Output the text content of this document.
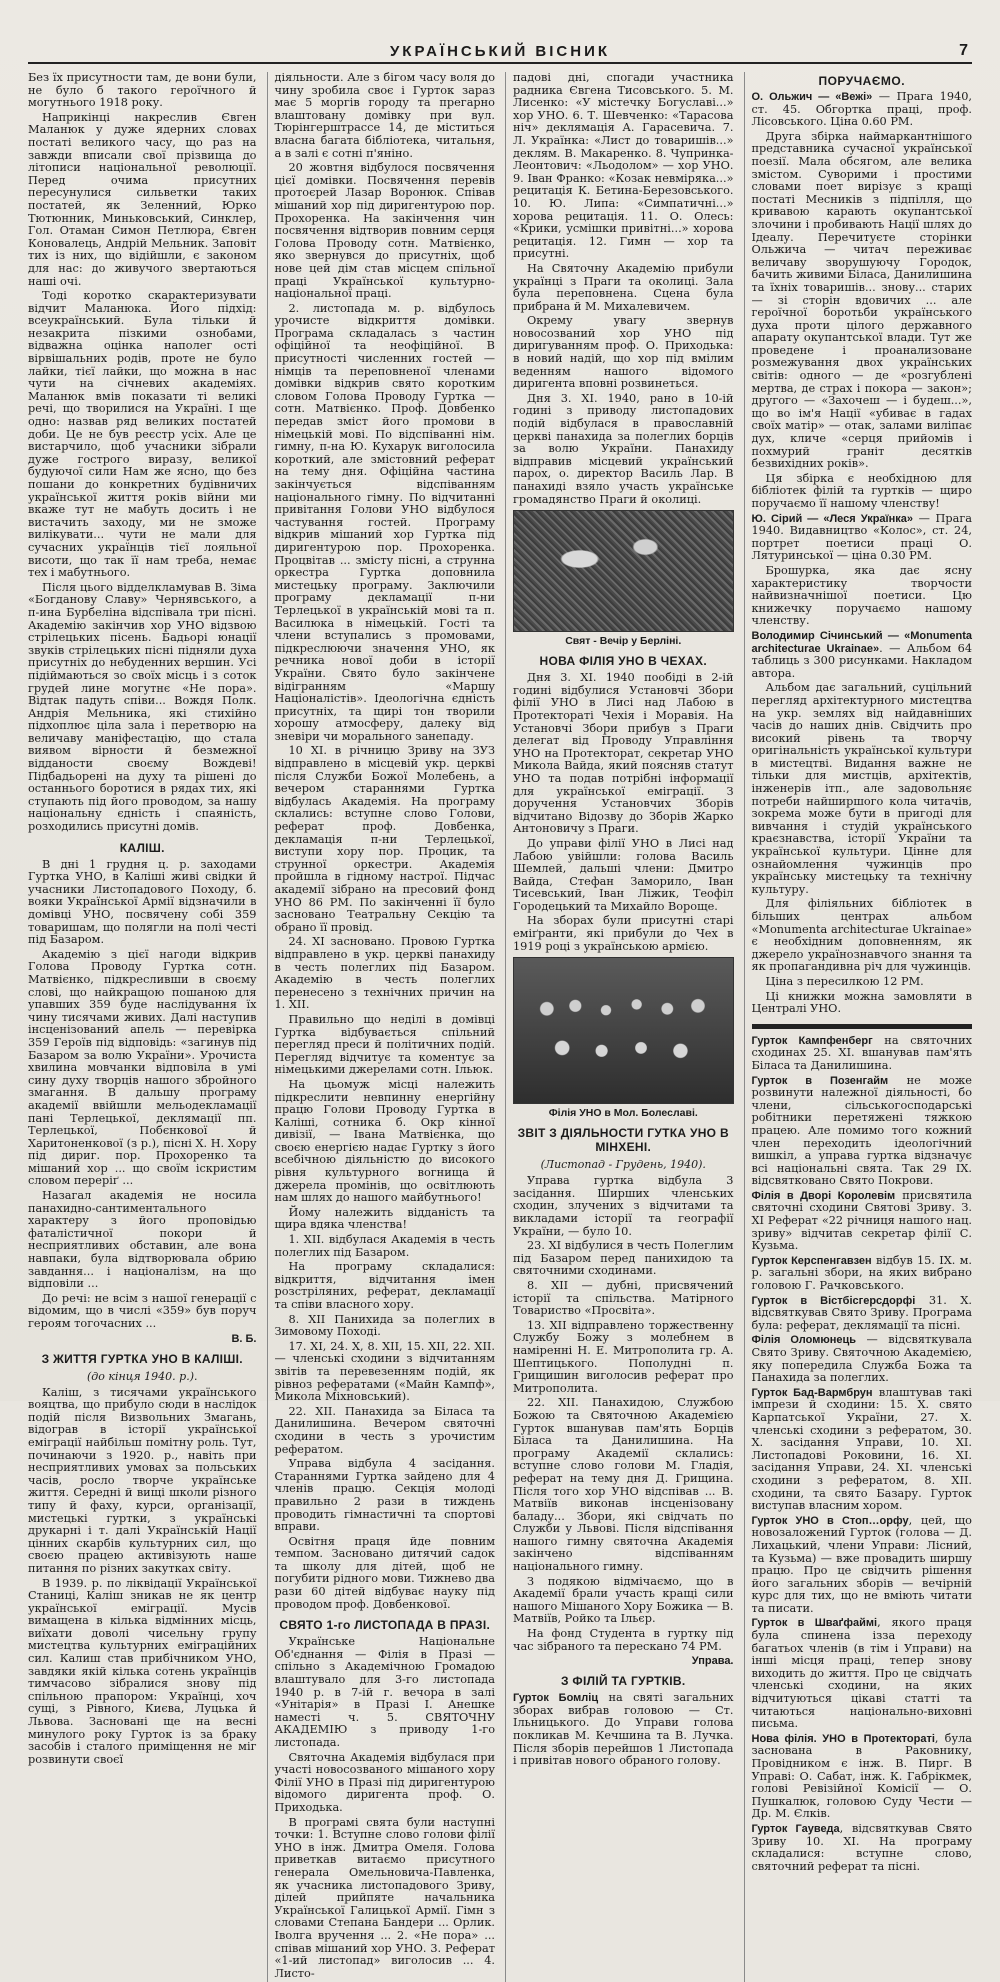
УКРАЇНСЬКИЙ ВІСНИК	7

Без їх присутности там, де вони були, не було б такого героїчного й могутнього 1918 року.

Наприкінці накреслив Євген Маланюк у дуже ядерних словах постаті великого часу, що раз на завжди вписали свої прізвища до літописи національної революції. Перед очима присутних пересунулися сильветки таких постатей, як Зеленний, Юрко Тютюнник, Миньковський, Синклер, Гол. Отаман Симон Петлюра, Євген Коновалець, Андрій Мельник. Заповіт тих із них, що відійшли, є законом для нас: до живучого звертаються наші очі.

Тоді коротко скарактеризувати відчит Маланюка. Його підхід: всеукраїнський. Була тільки й незакрита пізкими ознобами, відважна оцінка наполег ості вірвішальних родів, проте не було лайки, тієї лайки, що можна в нас чути на січневих академіях. Маланюк вмів показати ті великі речі, що творилися на Україні. І ще одно: назвав ряд великих постатей доби. Це не був реєстр усіх. Але це вистарчило, щоб учасники зібрали дуже гострого виразу, великої будуючої сили Нам же ясно, що без пошани до конкретних будівничих української життя рокiв війни ми вкаже тут не мабуть досить і не вистачить заходу, ми не зможе вилікувати... чути не мали для сучасних українців тієї лояльної висоти, що так її нам треба, немає тех і мабутнього.

Після цього відделкламував В. Зіма «Богданову Славу» Чернявського, а п-ина Бурбеліна відспівала три пісні. Академію закінчив хор УНО відзвою стрілецьких пісень. Бадьорі юнації звуків стрілецьких пісні підняли духа присутніх до небуденних вершин. Усі підіймаються зо своїх місць і з соток грудей лине могутнє «Не пора». Відтак падуть співи... Вождя Полк. Андрія Мельника, які стихійно підхоплює ціла зала і перетворю на величаву маніфестацію, що стала виявом вірности й безмежної відданости своєму Вождеві! Підбадьорені на духу та рішені до останнього боротися в рядах тих, які ступають під його проводом, за нашу національну єдність і спаяність, розходились присутні домів.

КАЛІШ.

В дні 1 грудня ц. р. заходами Гуртка УНО, в Каліші живі свідки й учасники Листопадового Походу, б. вояки Української Армії відзначили в домівці УНО, посвячену собі 359 товаришам, що полягли на полі честі під Базаром.

Академію з цієї нагоди відкрив Голова Проводу Гуртка сотн. Матвієнко, підкресливши в своєму слові, що найкращою пошаною для упавших 359 буде наслідування їх чину тисячами живих. Далі наступив інсценізований апель — перевірка 359 Героїв під відповідь: «загинув під Базаром за волю України». Урочиста хвилина мовчанки відповіла в умі сину духу творців нашого збройного змагання. В дальшу програму академії ввійшли мельодекламації пані Терлецької, деклямації пп. Терлецької, Побєнкової й Харитоненкової (з р.), пісні Х. Н. Хору під дириг. пор. Прохоренко та мішаний хор ... що своїм іскристим словом переріґ ...

Назагал академія не носила панахидно-сантиментального характеру з його проповідью фаталістичної покори й несприятливих обставин, але вона навпаки, була відтворювала обрию завдання... і націоналізм, на що відповіли ...

До речі: не всім з нашої генерації с відомим, що в числі «359» був поруч героям тогочасних ...

В. Б.
З ЖИТТЯ ГУРТКА УНО В КАЛІШІ.
(до кінця 1940. р.).

Каліш, з тисячами українського вояцтва, що прибуло сюди в наслідок подій після Визвольних Змагань, відограв в історії української еміграції найбільш помітну роль. Тут, починаючи з 1920. р., навіть при несприятливих умовах за польських часів, росло творче українське життя. Середні й вищі школи різного типу й фаху, курси, організації, мистецькі гуртки, з українські друкарні і т. далі Українській Нації цінних скарбів культурних сил, що своєю працею активізують наше питання по різних закутках світу.

В 1939. р. по ліквідації Української Станиці, Каліш зникав не як центр української еміграції. Мусів вимащена в кілька відмінних місць, виїхати доволі чисельну групу мистецтва культурних еміграційних сил. Калиш став прибічником УНО, завдяки якій кілька сотень українців тимчасово зібралися знову під спільною прапором: Українці, хоч сущі, з Рівного, Києва, Луцька й Львова. Засновані ще на весні минулого року Гурток із за браку засобів і сталого приміщення не міг розвинути своєї

діяльности. Але з бігом часу воля до чину зробила своє і Гурток зараз має 5 моргів городу та прегарно влаштовану домівку при вул. Тюрінгерштрассе 14, де міститься власна багата бібліотека, читальня, а в залі є сотні п'яніно.

20 жовтня відбулося посвячення цієї домівки. Посвячення перевів протоєрей Лазар Воронюк. Співав мішаний хор під диригентурою пор. Прохоренка. На закінчення чин посвячення відтворив повним серця Голова Проводу сотн. Матвієнко, яко звернувся до присутніх, щоб нове цей дім став місцем спільної праці Української культурно-національної праці.

2. листопада м. р. відбулось урочисте відкриття домівки. Програма складалась з частин офіційної та неофіційної. В присутності численних гостей — німців та переповненої членами домівки відкрив свято коротким словом Голова Проводу Гуртка — сотн. Матвієнко. Проф. Довбенко передав зміст його промови в німецькій мові. По відспіванні нім. гимну, п-на Ю. Кухарук виголосила короткий, але змістовний реферат на тему дня. Офіційна частина закінчується відспіванням національного гімну. По відчитанні привітання Голови УНО відбулося частування гостей. Програму відкрив мішаний хор Гуртка під диригентурою пор. Прохоренка. Процвітав ... змісту пісні, а струнна оркестра Гуртка доповнила мистецьку програму. Заключили програму декламації п-ни Терлецької в українській мові та п. Василюка в німецькій. Гості та члени вступались з промовами, підкреслюючи значення УНО, як речника нової доби в історії України. Свято було закінчене відігранням «Маршу Націоналістів». Ідеологічна єдність присутніх, та щирі тон творили хорошу атмосферу, далеку від зневіри чи морального занепаду.

10 XI. в річницю Зриву на ЗУЗ відправлено в місцевій укр. церкві після Служби Божої Молебень, а вечером стараннями Гуртка відбулась Академія. На програму склались: вступне слово Голови, реферат проф. Довбенка, декламація п-ни Терлецької, виступи хору пор. Процик, та струнної оркестри. Академія пройшла в гідному настрої. Підчас академії зібрано на пресовий фонд УНО 86 РМ. По закінченні її було засновано Театральну Секцію та обрано її провід.

24. XI засновано. Провою Гуртка відправлено в укр. церкві панахиду в честь полеглих під Базаром. Академію в честь полеглих перенесено з технічних причин на 1. XII.

Правильно що неділі в домівці Гуртка відбувається спільний перегляд преси й політичних подій. Перегляд відчитує та коментує за німецькими джерелами сотн. Ільюк.

На цьомуж місці належить підкреслити невпинну енергійну працю Голови Проводу Гуртка в Каліші, сотника б. Окр кінної дивізії, — Івана Матвієнка, що своєю енергією надає Гуртку з його всебічною діяльністю до високого рівня культурного вогнища й джерела промінів, що освітлюють нам шлях до нашого майбутнього!

Йому належить відданість та щира вдяка членства!

1. XII. відбулася Академія в честь полеглих під Базаром.

На програму складалися: відкриття, відчитання імен розстріляних, реферат, декламації та співи власного хору.

8. XII Панихида за полеглих в Зимовому Поході.

17. XI, 24. X, 8. XII, 15. XII, 22. XII. — членські сходини з відчитанням звітів та перевезенням подій, як рівноз рефератами («Майн Кампф», Микола Міхновський).

22. XII. Панахида за Біласа та Данилишина. Вечером святочні сходини в честь з урочистим рефератом.

Управа відбула 4 засідання. Стараннями Гуртка зайдено для 4 членів працю. Секція молоді правильно 2 рази в тиждень проводить гімнастичні та спортові вправи.

Освітня праця йде повним темпом. Засновано дитячий садок та школу для дітей, щоб не погубити рідного мови. Тижнево два рази 60 дітей відбуває науку під проводом проф. Довбенкової.

СВЯТО 1-го ЛИСТОПАДА В ПРАЗІ.

Українське Національне Об'єднання — Філія в Празі — спільно з Академічною Громадою влаштувало для 3-го листопада 1940 р. в 7-ій г. вечора в залі «Унітарія» в Празі І. Анешке наместі ч. 5. СВЯТОЧНУ АКАДЕМІЮ з приводу 1-го листопада.

Святочна Академія відбулася при участі новосозваного мішаного хору Філії УНО в Празі під диригентурою відомого диригента проф. О. Приходька.

В програмі свята були наступні точки: 1. Вступне слово голови філії УНО в інж. Дмитра Омеля. Голова приветкав витаємо присутного генерала Омельновича-Павленка, як учасника листопадового Зриву, ділей прийпяте начальника Української Галицької Армії. Гімн з словами Степана Бандери ... Орлик. Іволга вручення ... 2. «Не пора» ... співав мішаний хор УНО. 3. Реферат «1-ий листопад» виголосив ... 4. Листо-

падові дні, спогади участника радника Євгена Тисовського. 5. М. Лисенко: «У містечку Богуславі...» хор УНО. 6. Т. Шевченко: «Тарасова ніч» деклямація А. Гарасевича. 7. Л. Українка: «Лист до товаришів...» деклям. В. Макаренко. 8. Чупринка-Леонтович: «Льодолом» — хор УНО. 9. Іван Франко: «Козак невміряка...» рецитація К. Бетина-Березовського. 10. Ю. Липа: «Симпатичні...» хорова рецитація. 11. О. Олесь: «Крики, усмішки привітні...» хорова рецитація. 12. Гимн — хор та присутні.

На Святочну Академію прибули українці з Праги та околиці. Зала була переповнена. Сцена була прибрана й М. Михалевичем.

Окрему увагу звернув новосозваний хор УНО під диригуванням проф. О. Приходька: в новий надій, що хор під вмілим веденням нашого відомого диригента вповні розвинеться.

Дня 3. XI. 1940, рано в 10-ій годині з приводу листопадових подій відбулася в православній церкві панахида за полеглих борців за волю України. Панахиду відправив місцевий український парох, о. директор Василь Лар. В панахиді взяло участь українське громадянство Праги й околиці.

Свят - Вечір у Берліні.
НОВА ФІЛІЯ УНО В ЧЕХАХ.

Дня 3. XI. 1940 пообіді в 2-ій годині відбулися Установчі Збори філії УНО в Лисі над Лабою в Протектораті Чехія і Моравія. На Установчі Збори прибув з Праги делегат від Проводу Управління УНО на Протекторат, секретар УНО Микола Вайда, який поясняв статут УНО та подав потрібні інформації для української еміграції. З доручення Установчих Зборів відчитано Відозву до Зборів Жарко Антоновичу з Праги.

До управи філії УНО в Лисі над Лабою увійшли: голова Василь Шемлей, дальші члени: Дмитро Вайда, Стефан Заморило, Іван Тисевський, Іван Ліжик, Теофіл Городецький та Михайло Вороще.

На зборах були присутні старі еміґранти, які прибули до Чех в 1919 році з українською армією.

Філія УНО в Мол. Болеславі.
ЗВІТ З ДІЯЛЬНОСТИ ГУТКА УНО В МІНХЕНІ.
(Листопад - Грудень, 1940).

Управа гуртка відбула 3 засідання. Ширших членських сходин, злучених з відчитами та викладами історії та географії України, — було 10.

23. XI відбулися в честь Полеглим під Базаром перед панихидою та святочними сходинами.

8. XII — дубні, присвячений історії та спільства. Матірного Товариство «Просвіта».

13. XII відправлено торжественну Службу Божу з молебнем в наміренні Н. Е. Митрополита гр. А. Шептицького. Пополудні п. Грищишин виголосив реферат про Митрополита.

22. XII. Панахидою, Службою Божою та Святочною Академією Гурток вшанував пам'ять Борців Біласа та Данилишина. На програму Академії склались: вступне слово голови М. Гладія, реферат на тему дня Д. Грищина. Після того хор УНО відспівав ... В. Матвіїв виконав інсценізовану баладу... Збори, які свідчать по Служби у Львові. Після відспівання нашого гимну святочна Академія закінчено відспіванням національного гимну.

З подякою відмічаємо, що в Академії брали участь кращі сили нашого Мішаного Хору Божика — В. Матвіїв, Ройко та Ільєр.

На фонд Студента в гуртку під час зібраного та перескано 74 РМ.

Управа.
З ФІЛІЙ ТА ГУРТКІВ.

Гурток Бомліц на святі загальних зборах вибрав головою — Ст. Ільницького. До Управи голова покликав М. Кечшина та В. Лучка. Після зборів перейшов 1 Листопада і привітав нового обраного голову.

ПОРУЧАЄМО.

О. Ольжич — «Вежі» — Прага 1940, ст. 45. Обгортка праці, проф. Лісовського. Ціна 0.60 РМ.

Друга збірка наймаркантнішого представника сучасної української поезії. Мала обсягом, але велика змістом. Суворими і простими словами поет вирізує з кращі постаті Месників з підпілля, що кривавою карають окупантської злочини і пробивають Нації шлях до Ідеалу. Перечитуєте сторінки Ольжича — читач переживає величаву зворушуючу Городок, бачить живими Біласа, Данилишина та їхніх товаришів... знову... старих — зі сторін вдовичих ... але героїчної боротьби українського духа проти цілого державного апарату окупантської влади. Тут же проведене і проанализоване розмежування двох українських світів: одного — де «розгублені мертва, де страх і покора — закон»; другого — «Захочеш — і будеш...», що во ім'я Нації «убиває в гадах своїх матір» — отак, залами виліпає дух, кличе «серця прийомів і похмурий граніт десятків безвихідних років».

Ця збірка є необхідною для бібліотек філій та гуртків — щиро поручаємо її нашому членству!

Ю. Сірий — «Леся Українка» — Прага 1940. Видавництво «Колос», ст. 24, портрет поетиси праці О. Лятуринської — ціна 0.30 РМ.

Брошурка, яка дає ясну характеристику творчости найвизначнішої поетиси. Цю книжечку поручаємо нашому членству.

Володимир Січинський — «Monumenta architecturae Ukrainae». — Альбом 64 таблиць з 300 рисунками. Накладом автора.

Альбом дає загальний, суцільний перегляд архітектурного мистецтва на укр. землях від найдавніших часів до наших днів. Свідчить про високий рівень та творчу оригінальність української культури в мистецтві. Видання важне не тільки для мистців, архітектів, інженерів ітп., але задовольняє потреби найширшого кола читачів, зокрема може бути в пригоді для вивчання і студій українського краєзнавства, історії України та української культури. Цінне для ознайомлення чужинців про українську мистецьку та технічну культуру.

Для філіяльних бібліотек в більших центрах альбом «Monumenta architecturae Ukrainae» є необхідним доповненням, як джерело українознавчого знання та як пропагандивна річ для чужинців.

Ціна з пересилкою 12 РМ.

Ці книжки можна замовляти в Централі УНО.

Гурток Кампфенберг на святочних сходинах 25. XI. вшанував пам'ять Біласа та Данилишина.

Гурток в Позенгайм не може розвинути належної діяльності, бо члени, сільськогосподарські робітники перетяжені тяжкою працею. Але помимо того кожний член переходить ідеологічний вишкіл, а управа гуртка відзначує всі національні свята. Так 29 IX. відсвятковано Свято Покрови.

Філія в Дворі Королевім присвятила святочні сходини Святові Зриву. З. XI Реферат «22 річниця нашого нац. зриву» відчитав секретар філії С. Кузьма.

Гурток Керспенгавзен відбув 15. IX. м. р. загальні збори, на яких вибрано головою Г. Рачковського.

Гурток в Вістбісгерсдорфі 31. X. відсвяткував Свято Зриву. Програма була: реферат, деклямації та пісні.

Філія Оломюнець — відсвяткувала Свято Зриву. Святочною Академією, яку попередила Служба Божа та Панахида за полеглих.

Гурток Бад-Вармбрун влаштував такі імпрези й сходини: 15. X. свято Карпатської України, 27. X. членські сходини з рефератом, 30. X. засідання Управи, 10. XI. Листопадові Роковини, 16. XI. засідання Управи, 24. XI. членські сходини з рефератом, 8. XII. сходини, та свято Базару. Гурток виступав власним хором.

Гурток УНО в Стоп…орфу, цей, що новозаложений Гурток (голова — Д. Лихацький, члени Управи: Лісний, та Кузьма) — вже провадить ширшу працю. Про це свідчить рішення його загальних зборів — вечірній курс для тих, що не вміють читати та писати.

Гурток в Шваґфаймі, якого праця була спинена ізза переходу багатьох членів (в тім і Управи) на інші місця праці, тепер знову виходить до життя. Про це свідчать членські сходини, на яких відчитуються цікаві статті та читаються національно-виховні письма.

Нова філія. УНО в Протектораті, була заснована в Раковнику, Провідником є інж. В. Пирг. В Управі: О. Сабат, інж. К. Габрікмек, голові Ревізійної Комісії — О. Пушкалюк, головою Суду Чести — Др. М. Єлків.

Гурток Гауведа, відсвяткував Свято Зриву 10. XI. На програму складалися: вступне слово, святочний реферат та пісні.
